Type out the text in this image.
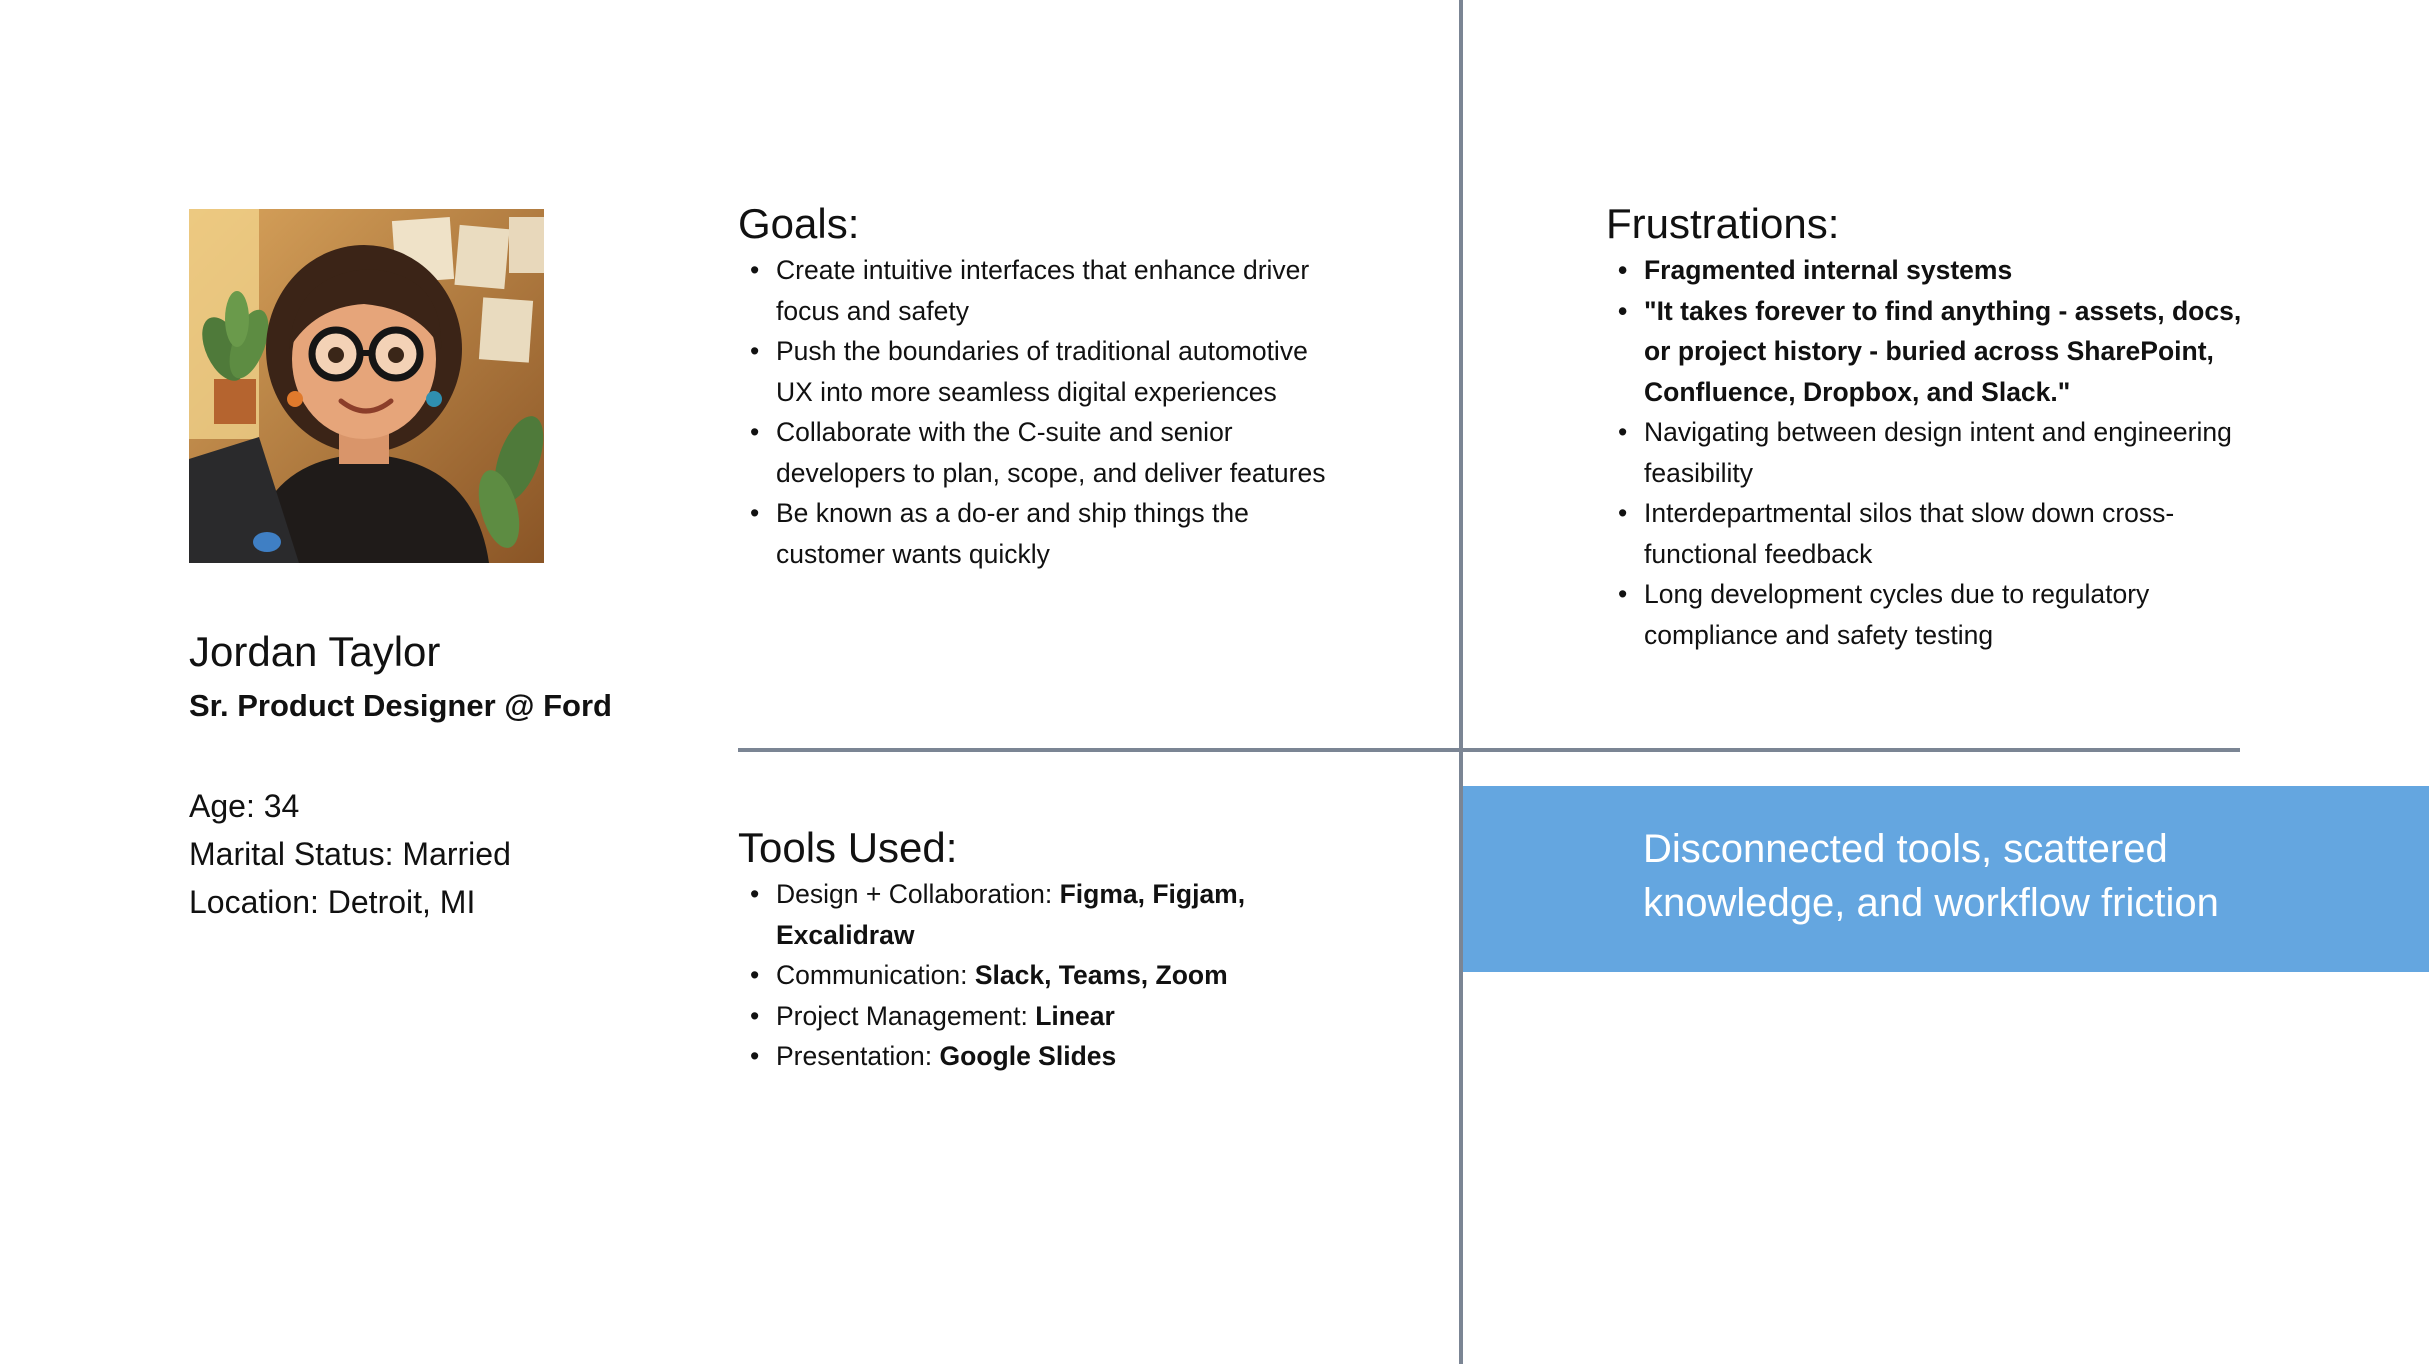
Jordan Taylor
Sr. Product Designer @ Ford
Age: 34
Marital Status: Married
Location: Detroit, MI
Goals:
• Create intuitive interfaces that enhance driver focus and safety
• Push the boundaries of traditional automotive UX into more seamless digital experiences
• Collaborate with the C-suite and senior developers to plan, scope, and deliver features
• Be known as a do-er and ship things the customer wants quickly
Frustrations:
• Fragmented internal systems
• "It takes forever to find anything - assets, docs, or project history - buried across SharePoint, Confluence, Dropbox, and Slack."
• Navigating between design intent and engineering feasibility
• Interdepartmental silos that slow down cross-functional feedback
• Long development cycles due to regulatory compliance and safety testing
Tools Used:
• Design + Collaboration: Figma, Figjam, Excalidraw
• Communication: Slack, Teams, Zoom
• Project Management: Linear
• Presentation: Google Slides
Disconnected tools, scattered knowledge, and workflow friction
